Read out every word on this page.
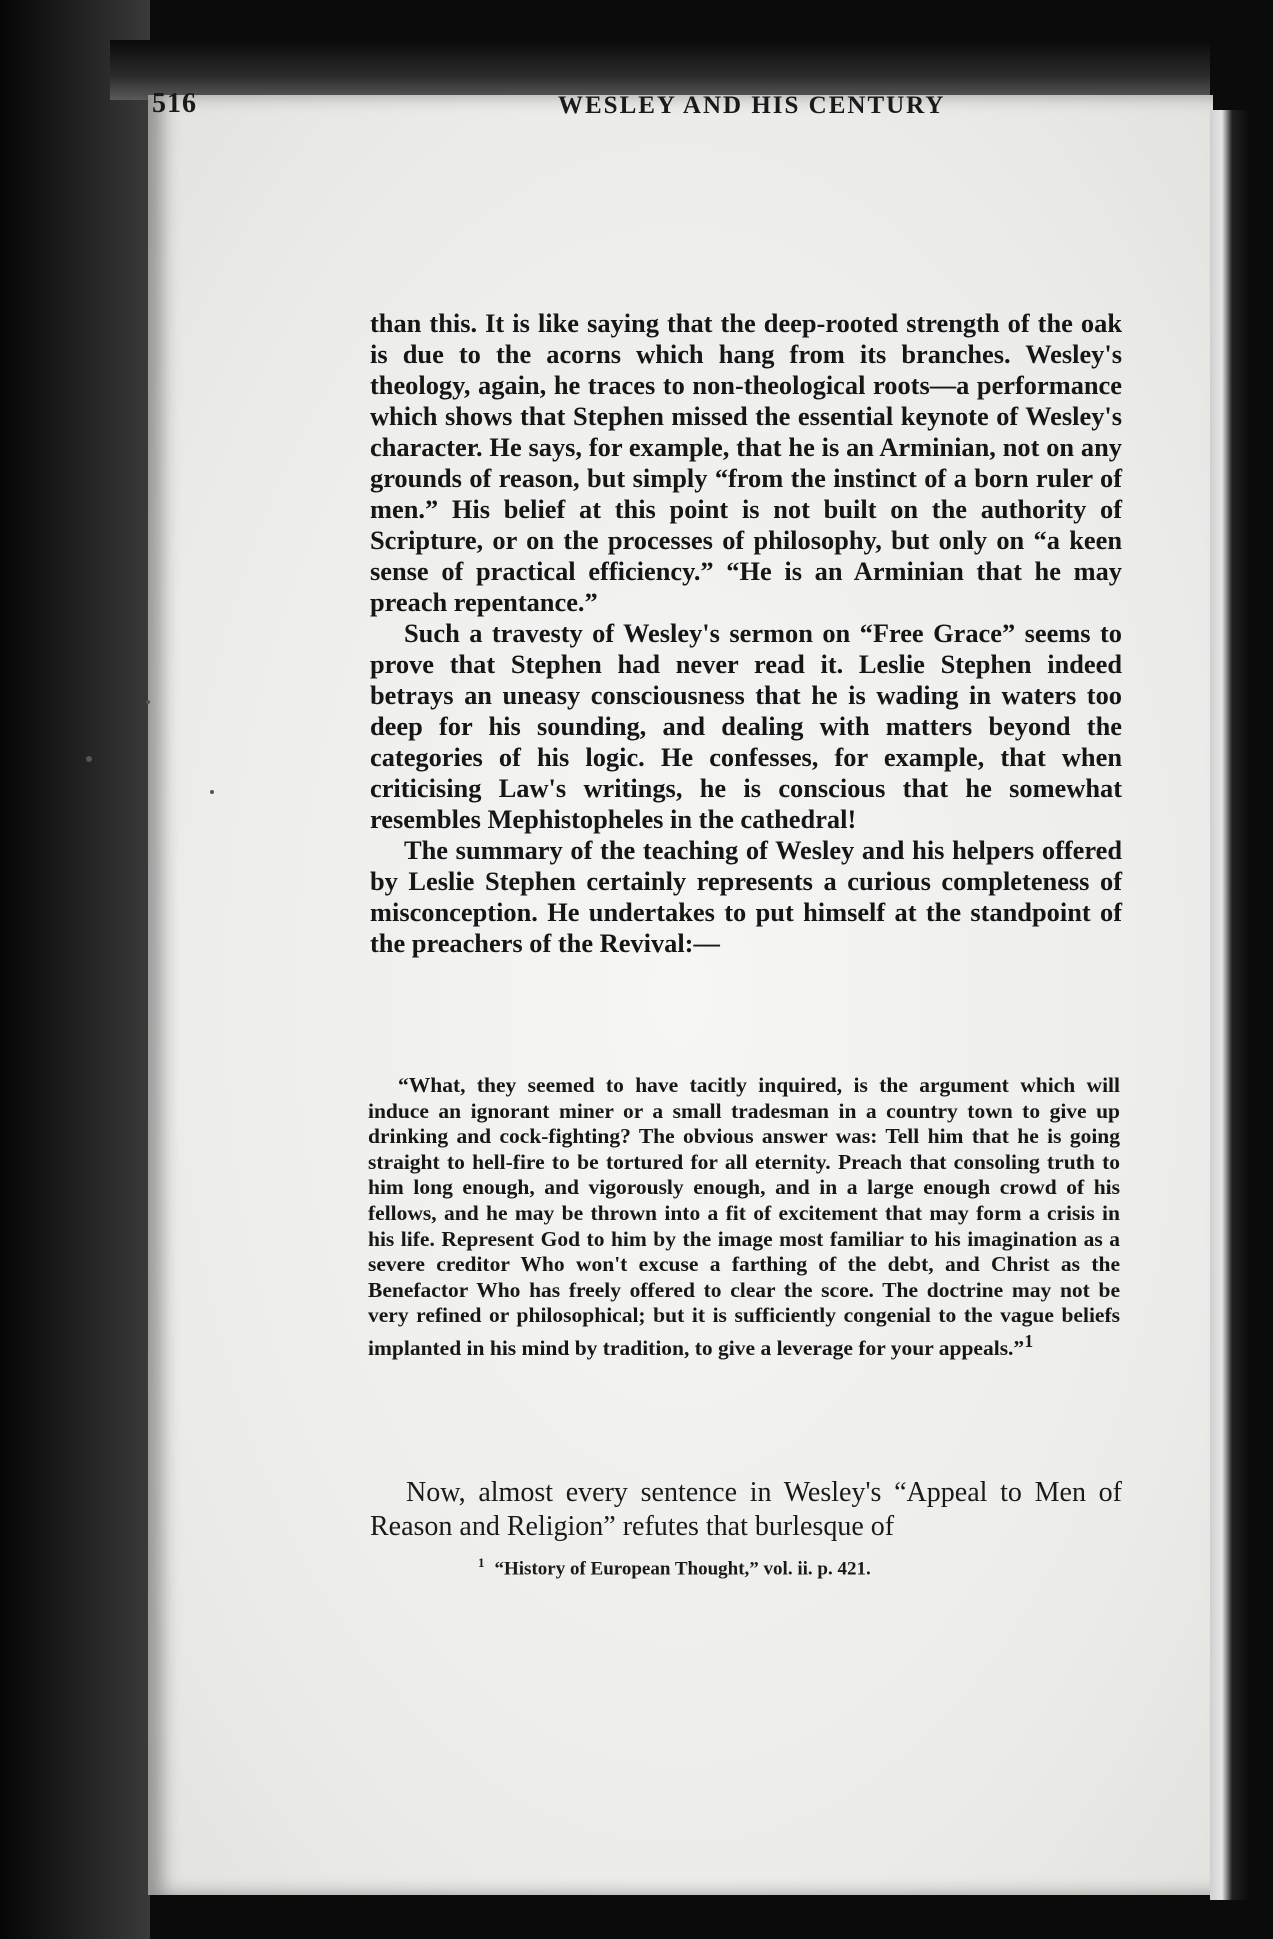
516	WESLEY AND HIS CENTURY

than this. It is like saying that the deep-rooted strength of the oak is due to the acorns which hang from its branches. Wesley's theology, again, he traces to non-theological roots—a performance which shows that Stephen missed the essential keynote of Wesley's character. He says, for example, that he is an Arminian, not on any grounds of reason, but simply “from the instinct of a born ruler of men.” His belief at this point is not built on the authority of Scripture, or on the processes of philosophy, but only on “a keen sense of practical efficiency.” “He is an Arminian that he may preach repentance.”

Such a travesty of Wesley's sermon on “Free Grace” seems to prove that Stephen had never read it. Leslie Stephen indeed betrays an uneasy consciousness that he is wading in waters too deep for his sounding, and dealing with matters beyond the categories of his logic. He confesses, for example, that when criticising Law's writings, he is conscious that he somewhat resembles Mephistopheles in the cathedral!

The summary of the teaching of Wesley and his helpers offered by Leslie Stephen certainly represents a curious completeness of misconception. He undertakes to put himself at the standpoint of the preachers of the Revival:—

“What, they seemed to have tacitly inquired, is the argument which will induce an ignorant miner or a small tradesman in a country town to give up drinking and cock-fighting? The obvious answer was: Tell him that he is going straight to hell-fire to be tortured for all eternity. Preach that consoling truth to him long enough, and vigorously enough, and in a large enough crowd of his fellows, and he may be thrown into a fit of excitement that may form a crisis in his life. Represent God to him by the image most familiar to his imagination as a severe creditor Who won't excuse a farthing of the debt, and Christ as the Benefactor Who has freely offered to clear the score. The doctrine may not be very refined or philosophical; but it is sufficiently congenial to the vague beliefs implanted in his mind by tradition, to give a leverage for your appeals.”$^1$

Now, almost every sentence in Wesley's “Appeal to Men of Reason and Religion” refutes that burlesque of

$^1$ “History of European Thought,” vol. ii. p. 421.
